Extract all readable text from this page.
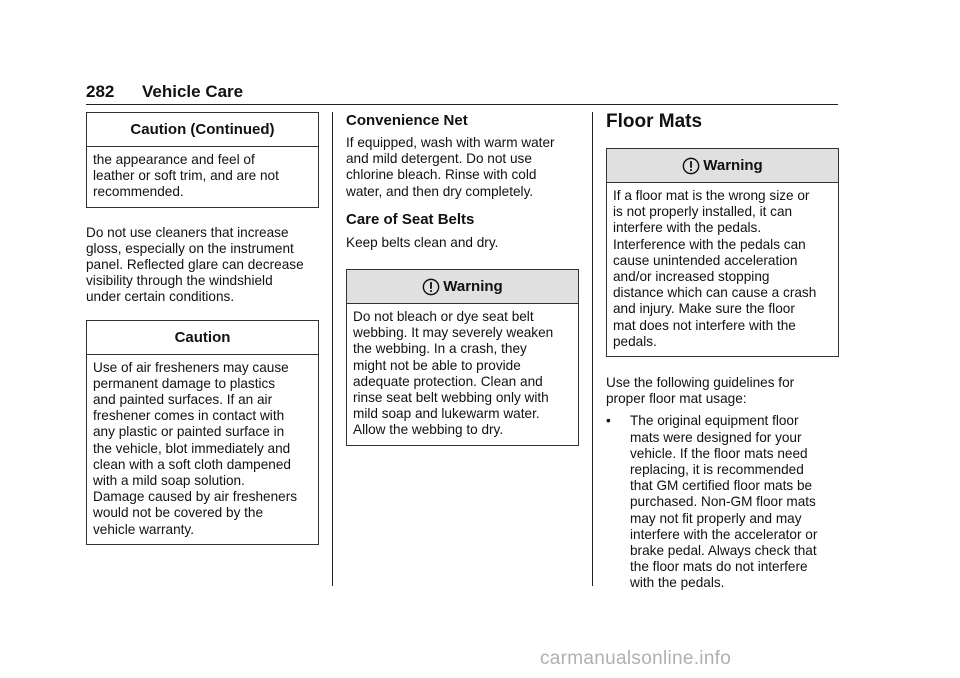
282 Vehicle Care
Caution (Continued)
the appearance and feel of
leather or soft trim, and are not
recommended.
Do not use cleaners that increase
gloss, especially on the instrument
panel. Reflected glare can decrease
visibility through the windshield
under certain conditions.
Caution
Use of air fresheners may cause
permanent damage to plastics
and painted surfaces. If an air
freshener comes in contact with
any plastic or painted surface in
the vehicle, blot immediately and
clean with a soft cloth dampened
with a mild soap solution.
Damage caused by air fresheners
would not be covered by the
vehicle warranty.
Convenience Net
If equipped, wash with warm water
and mild detergent. Do not use
chlorine bleach. Rinse with cold
water, and then dry completely.
Care of Seat Belts
Keep belts clean and dry.
Warning
Do not bleach or dye seat belt
webbing. It may severely weaken
the webbing. In a crash, they
might not be able to provide
adequate protection. Clean and
rinse seat belt webbing only with
mild soap and lukewarm water.
Allow the webbing to dry.
Floor Mats
Warning
If a floor mat is the wrong size or
is not properly installed, it can
interfere with the pedals.
Interference with the pedals can
cause unintended acceleration
and/or increased stopping
distance which can cause a crash
and injury. Make sure the floor
mat does not interfere with the
pedals.
Use the following guidelines for
proper floor mat usage:
•	The original equipment floor
mats were designed for your
vehicle. If the floor mats need
replacing, it is recommended
that GM certified floor mats be
purchased. Non-GM floor mats
may not fit properly and may
interfere with the accelerator or
brake pedal. Always check that
the floor mats do not interfere
with the pedals.
carmanualsonline.info
